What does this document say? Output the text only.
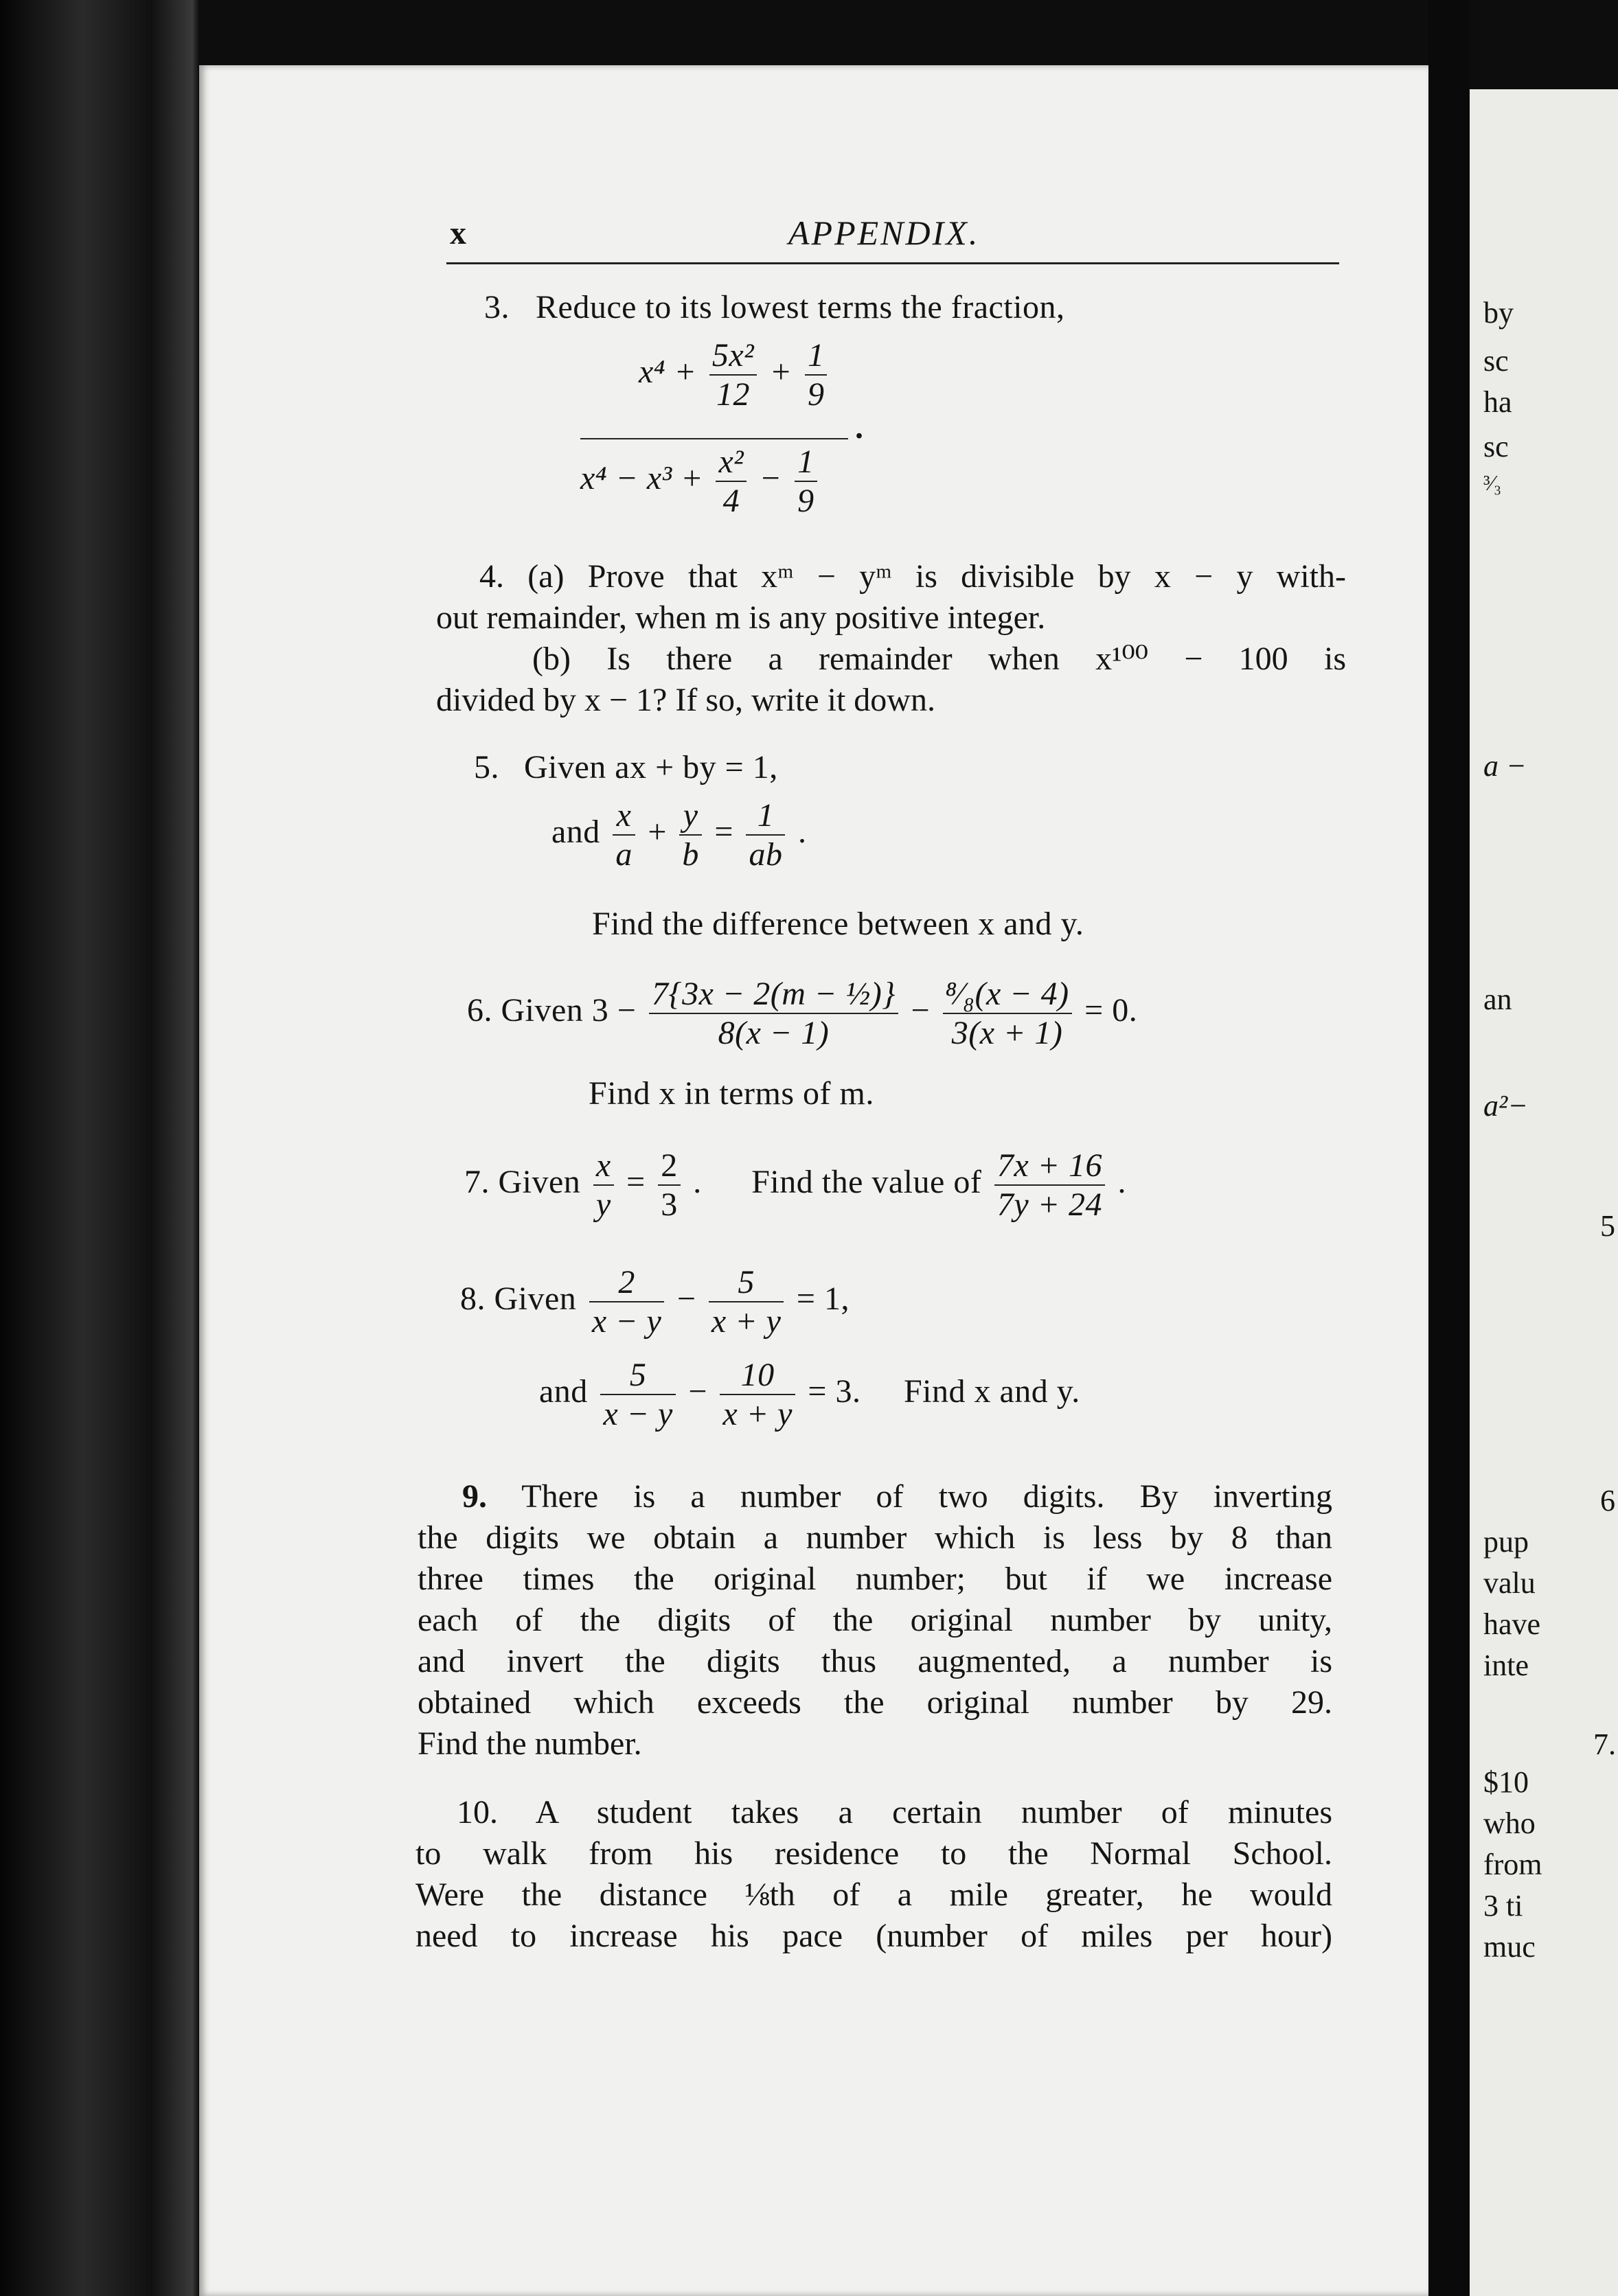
by
sc
ha
sc
³⁄₃
a −
an
a²−
5
6
pup
valu
have
inte
7.
$10
who
from
3 ti
muc
x	APPENDIX.
3. Reduce to its lowest terms the fraction,
$x^4 + \frac{\text{5x²}}{12} + \frac{1}{9}$
.
$x^4 - x^3 + \frac{\text{x²}}{4} - \frac{1}{9}$
4. (a) Prove that xᵐ − yᵐ is divisible by x − y with-
out remainder, when m is any positive integer.
(b) Is there a remainder when x¹⁰⁰ − 100 is
divided by x − 1? If so, write it down.
5. Given ax + by = 1,
and $\frac{x}{a} + \frac{y}{b} = \frac{1}{ab}$ .
Find the difference between x and y.
6. Given $3 - \frac{\text{7\{3x − 2(m − ½)\}}}{8(x - 1)} - \frac{\text{⁸⁄₈(x − 4)}}{3(x + 1)} = 0$.
Find x in terms of m.
7. Given $\frac{x}{y} = \frac{2}{3}$ . Find the value of $\frac{7x + 16}{7y + 24}$ .
8. Given $\frac{2}{x - y} - \frac{5}{x + y} = 1$,
and $\frac{5}{x - y} - \frac{10}{x + y} = 3$. Find x and y.
9. There is a number of two digits. By inverting
the digits we obtain a number which is less by 8 than
three times the original number; but if we increase
each of the digits of the original number by unity,
and invert the digits thus augmented, a number is
obtained which exceeds the original number by 29.
Find the number.
10. A student takes a certain number of minutes
to walk from his residence to the Normal School.
Were the distance ⅛th of a mile greater, he would
need to increase his pace (number of miles per hour)
